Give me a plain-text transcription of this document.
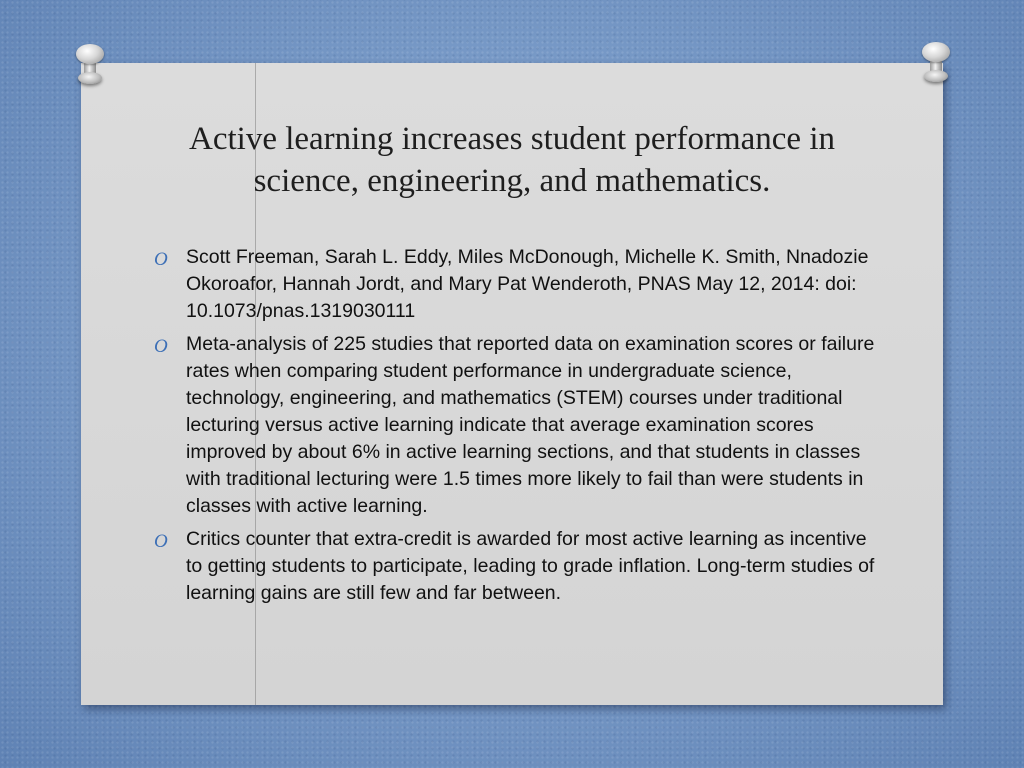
Active learning increases student performance in
science, engineering, and mathematics.
O Scott Freeman, Sarah L. Eddy, Miles McDonough, Michelle K. Smith, Nnadozie Okoroafor, Hannah Jordt, and Mary Pat Wenderoth, PNAS May 12, 2014: doi: 10.1073/pnas.1319030111
O Meta-analysis of 225 studies that reported data on examination scores or failure rates when comparing student performance in undergraduate science, technology, engineering, and mathematics (STEM) courses under traditional lecturing versus active learning indicate that average examination scores improved by about 6% in active learning sections, and that students in classes with traditional lecturing were 1.5 times more likely to fail than were students in classes with active learning.
O Critics counter that extra-credit is awarded for most active learning as incentive to getting students to participate, leading to grade inflation. Long-term studies of learning gains are still few and far between.
